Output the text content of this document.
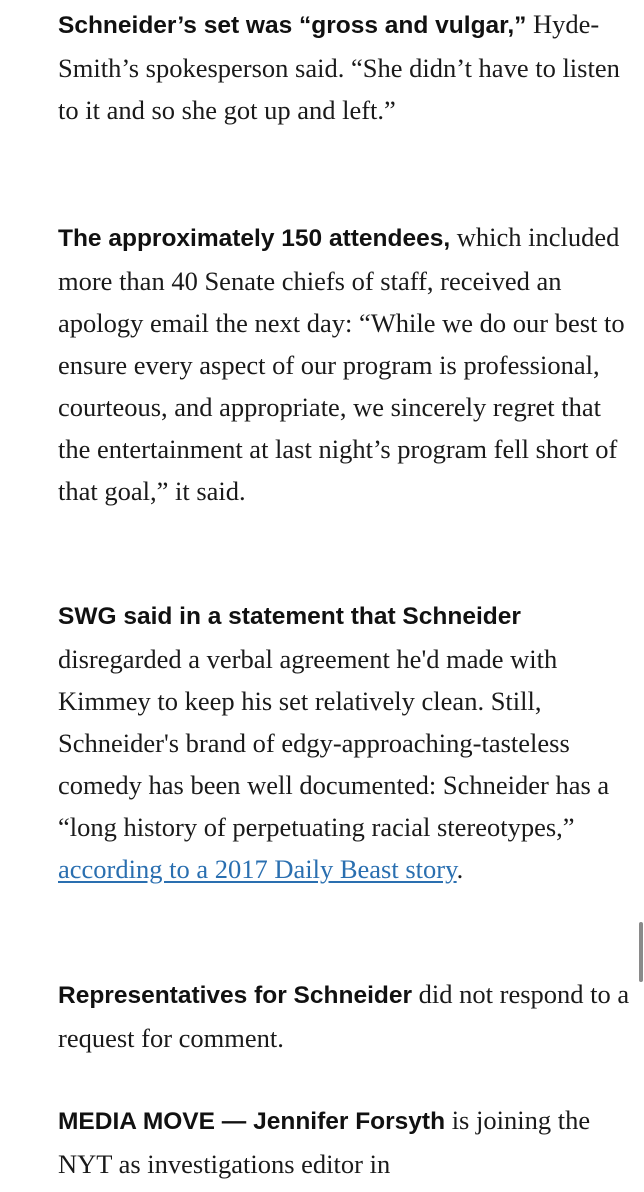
Schneider’s set was “gross and vulgar,” Hyde-Smith’s spokesperson said. “She didn’t have to listen to it and so she got up and left.”

The approximately 150 attendees, which included more than 40 Senate chiefs of staff, received an apology email the next day: “While we do our best to ensure every aspect of our program is professional, courteous, and appropriate, we sincerely regret that the entertainment at last night’s program fell short of that goal,” it said.

SWG said in a statement that Schneider disregarded a verbal agreement he'd made with Kimmey to keep his set relatively clean. Still, Schneider's brand of edgy-approaching-tasteless comedy has been well documented: Schneider has a “long history of perpetuating racial stereotypes,” according to a 2017 Daily Beast story.

Representatives for Schneider did not respond to a request for comment.

MEDIA MOVE — Jennifer Forsyth is joining the NYT as investigations editor in
